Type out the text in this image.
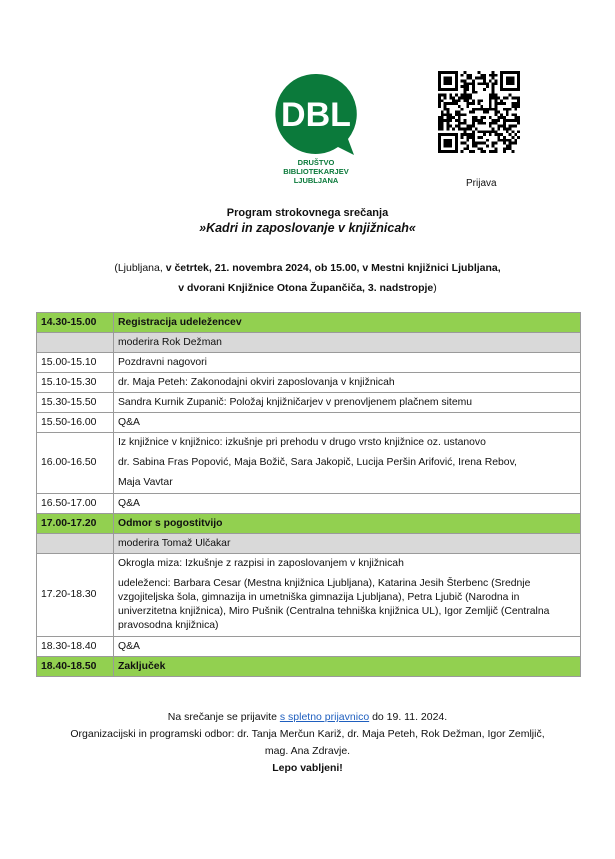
DBL
DRUŠTVO
BIBLIOTEKARJEV
LJUBLJANA	Prijava
Program strokovnega srečanja
»Kadri in zaposlovanje v knjižnicah«
(Ljubljana, v četrtek, 21. novembra 2024, ob 15.00, v Mestni knjižnici Ljubljana,
v dvorani Knjižnice Otona Župančiča, 3. nadstropje)
14.30-15.00	Registracija udeležencev
	moderira Rok Dežman
15.00-15.10	Pozdravni nagovori
15.10-15.30	dr. Maja Peteh: Zakonodajni okviri zaposlovanja v knjižnicah
15.30-15.50	Sandra Kurnik Zupanič: Položaj knjižničarjev v prenovljenem plačnem sitemu
15.50-16.00	Q&A
16.00-16.50	Iz knjižnice v knjižnico: izkušnje pri prehodu v drugo vrsto knjižnice oz. ustanovo
dr. Sabina Fras Popović, Maja Božič, Sara Jakopič, Lucija Peršin Arifović, Irena Rebov,
Maja Vavtar

16.50-17.00	Q&A
17.00-17.20	Odmor s pogostitvijo
	moderira Tomaž Ulčakar
17.20-18.30	Okrogla miza: Izkušnje z razpisi in zaposlovanjem v knjižnicah
udeleženci: Barbara Cesar (Mestna knjižnica Ljubljana), Katarina Jesih Šterbenc (Srednje vzgojiteljska šola, gimnazija in umetniška gimnazija Ljubljana), Petra Ljubič (Narodna in univerzitetna knjižnica), Miro Pušnik (Centralna tehniška knjižnica UL), Igor Zemljič (Centralna pravosodna knjižnica)

18.30-18.40	Q&A
18.40-18.50	Zaključek
Na srečanje se prijavite s spletno prijavnico do 19. 11. 2024.
Organizacijski in programski odbor: dr. Tanja Merčun Kariž, dr. Maja Peteh, Rok Dežman, Igor Zemljič,
mag. Ana Zdravje.
Lepo vabljeni!
